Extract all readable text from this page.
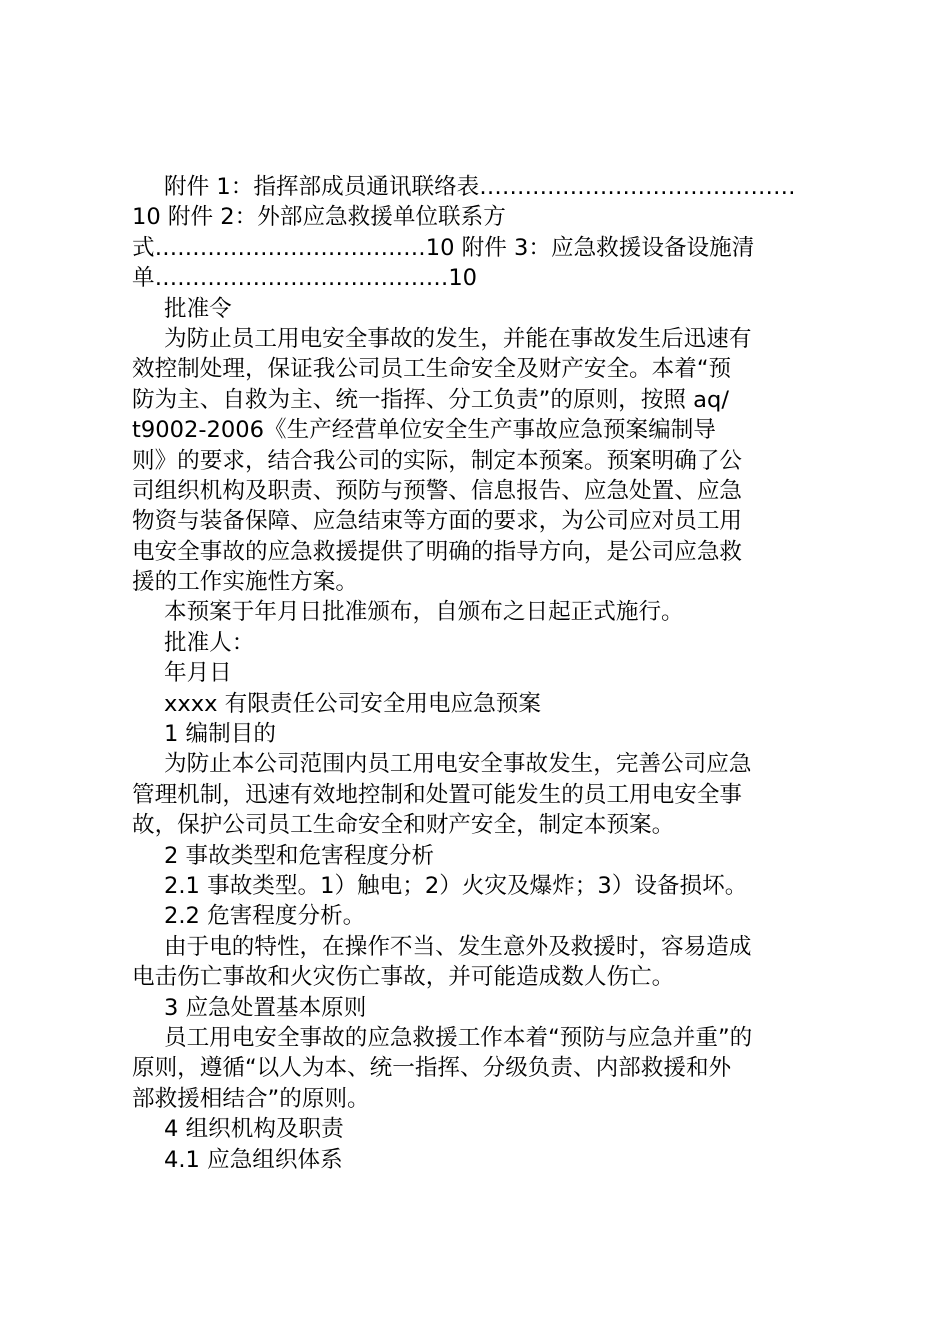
附件 1：指挥部成员通讯联络表……………………………………
10 附件 2：外部应急救援单位联系方
式………………………………10 附件 3：应急救援设备设施清
单…………………………………10
批准令
为防止员工用电安全事故的发生，并能在事故发生后迅速有
效控制处理，保证我公司员工生命安全及财产安全。本着“预
防为主、自救为主、统一指挥、分工负责”的原则，按照 aq/
t9002-2006《生产经营单位安全生产事故应急预案编制导
则》的要求，结合我公司的实际，制定本预案。预案明确了公
司组织机构及职责、预防与预警、信息报告、应急处置、应急
物资与装备保障、应急结束等方面的要求，为公司应对员工用
电安全事故的应急救援提供了明确的指导方向，是公司应急救
援的工作实施性方案。
本预案于年月日批准颁布，自颁布之日起正式施行。
批准人：
年月日
xxxx 有限责任公司安全用电应急预案
1 编制目的
为防止本公司范围内员工用电安全事故发生，完善公司应急
管理机制，迅速有效地控制和处置可能发生的员工用电安全事
故，保护公司员工生命安全和财产安全，制定本预案。
2 事故类型和危害程度分析
2.1 事故类型。1）触电；2）火灾及爆炸；3）设备损坏。
2.2 危害程度分析。
由于电的特性，在操作不当、发生意外及救援时，容易造成
电击伤亡事故和火灾伤亡事故，并可能造成数人伤亡。
3 应急处置基本原则
员工用电安全事故的应急救援工作本着“预防与应急并重”的
原则，遵循“以人为本、统一指挥、分级负责、内部救援和外
部救援相结合”的原则。
4 组织机构及职责
4.1 应急组织体系
